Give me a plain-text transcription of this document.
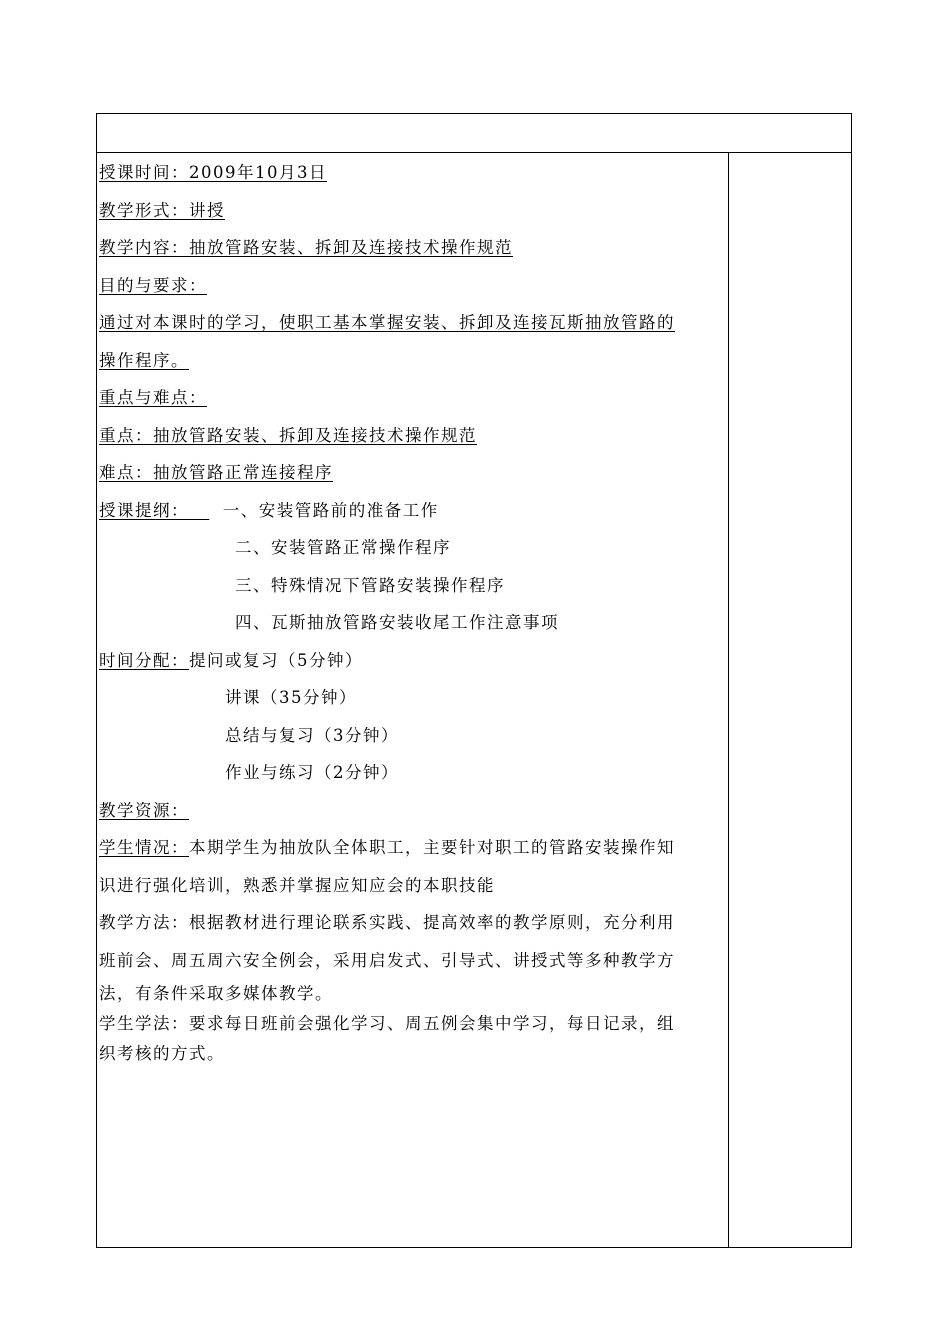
授课时间：2009年10月3日
教学形式：讲授
教学内容：抽放管路安装、拆卸及连接技术操作规范
目的与要求：
通过对本课时的学习，使职工基本掌握安装、拆卸及连接瓦斯抽放管路的
操作程序。
重点与难点：
重点：抽放管路安装、拆卸及连接技术操作规范
难点：抽放管路正常连接程序
授课提纲： 一、安装管路前的准备工作
二、安装管路正常操作程序
三、特殊情况下管路安装操作程序
四、瓦斯抽放管路安装收尾工作注意事项
时间分配：提问或复习（5分钟）
讲课（35分钟）
总结与复习（3分钟）
作业与练习（2分钟）
教学资源：
学生情况：本期学生为抽放队全体职工，主要针对职工的管路安装操作知
识进行强化培训，熟悉并掌握应知应会的本职技能
教学方法：根据教材进行理论联系实践、提高效率的教学原则，充分利用
班前会、周五周六安全例会，采用启发式、引导式、讲授式等多种教学方
法，有条件采取多媒体教学。
学生学法：要求每日班前会强化学习、周五例会集中学习，每日记录，组
织考核的方式。
